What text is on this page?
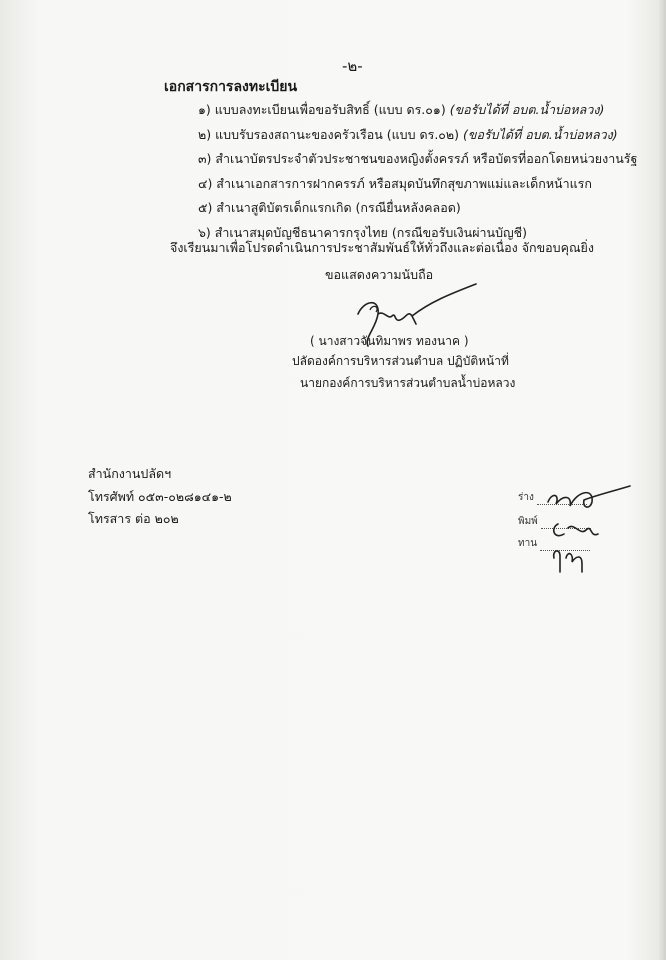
-๒-
เอกสารการลงทะเบียน
๑) แบบลงทะเบียนเพื่อขอรับสิทธิ์ (แบบ ดร.๐๑) (ขอรับได้ที่ อบต.น้ำบ่อหลวง)
๒) แบบรับรองสถานะของครัวเรือน (แบบ ดร.๐๒) (ขอรับได้ที่ อบต.น้ำบ่อหลวง)
๓) สำเนาบัตรประจำตัวประชาชนของหญิงตั้งครรภ์ หรือบัตรที่ออกโดยหน่วยงานรัฐ
๔) สำเนาเอกสารการฝากครรภ์ หรือสมุดบันทึกสุขภาพแม่และเด็กหน้าแรก
๕) สำเนาสูติบัตรเด็กแรกเกิด (กรณียื่นหลังคลอด)
๖) สำเนาสมุดบัญชีธนาคารกรุงไทย (กรณีขอรับเงินผ่านบัญชี)
จึงเรียนมาเพื่อโปรดดำเนินการประชาสัมพันธ์ให้ทั่วถึงและต่อเนื่อง จักขอบคุณยิ่ง
ขอแสดงความนับถือ
( นางสาวจันทิมาพร ทองนาค )
ปลัดองค์การบริหารส่วนตำบล ปฏิบัติหน้าที่
นายกองค์การบริหารส่วนตำบลน้ำบ่อหลวง
สำนักงานปลัดฯ
โทรศัพท์ ๐๕๓-๐๒๘๑๔๑-๒
โทรสาร ต่อ ๒๐๒
ร่าง
พิมพ์
ทาน
